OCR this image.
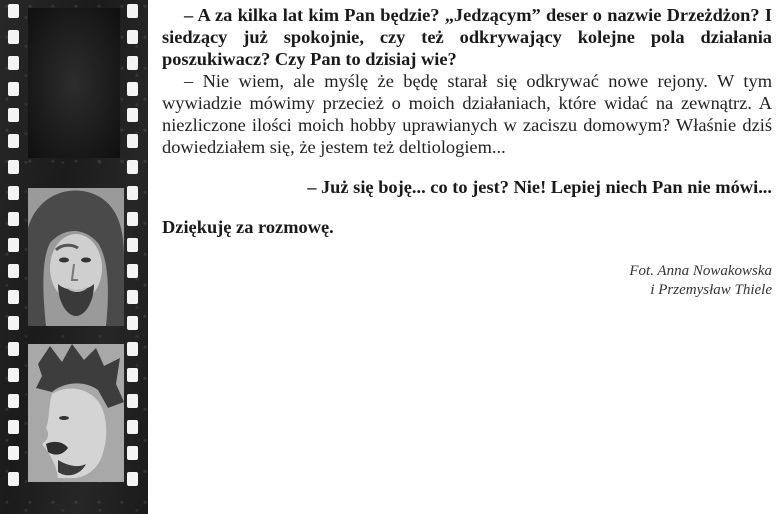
– A za kilka lat kim Pan będzie? „Jedzącym” deser o nazwie Drzeżdżon? I siedzący już spokojnie, czy też odkrywający kolejne pola działania poszukiwacz? Czy Pan to dzisiaj wie?

– Nie wiem, ale myślę że będę starał się odkrywać nowe rejony. W tym wywiadzie mówimy przecież o moich działaniach, które widać na zewnątrz. A niezliczone ilości moich hobby uprawianych w zaciszu domowym? Właśnie dziś dowiedziałem się, że jestem też deltiologiem...

– Już się boję... co to jest? Nie! Lepiej niech Pan nie mówi...

Dziękuję za rozmowę.

Fot. Anna Nowakowska
i Przemysław Thiele
